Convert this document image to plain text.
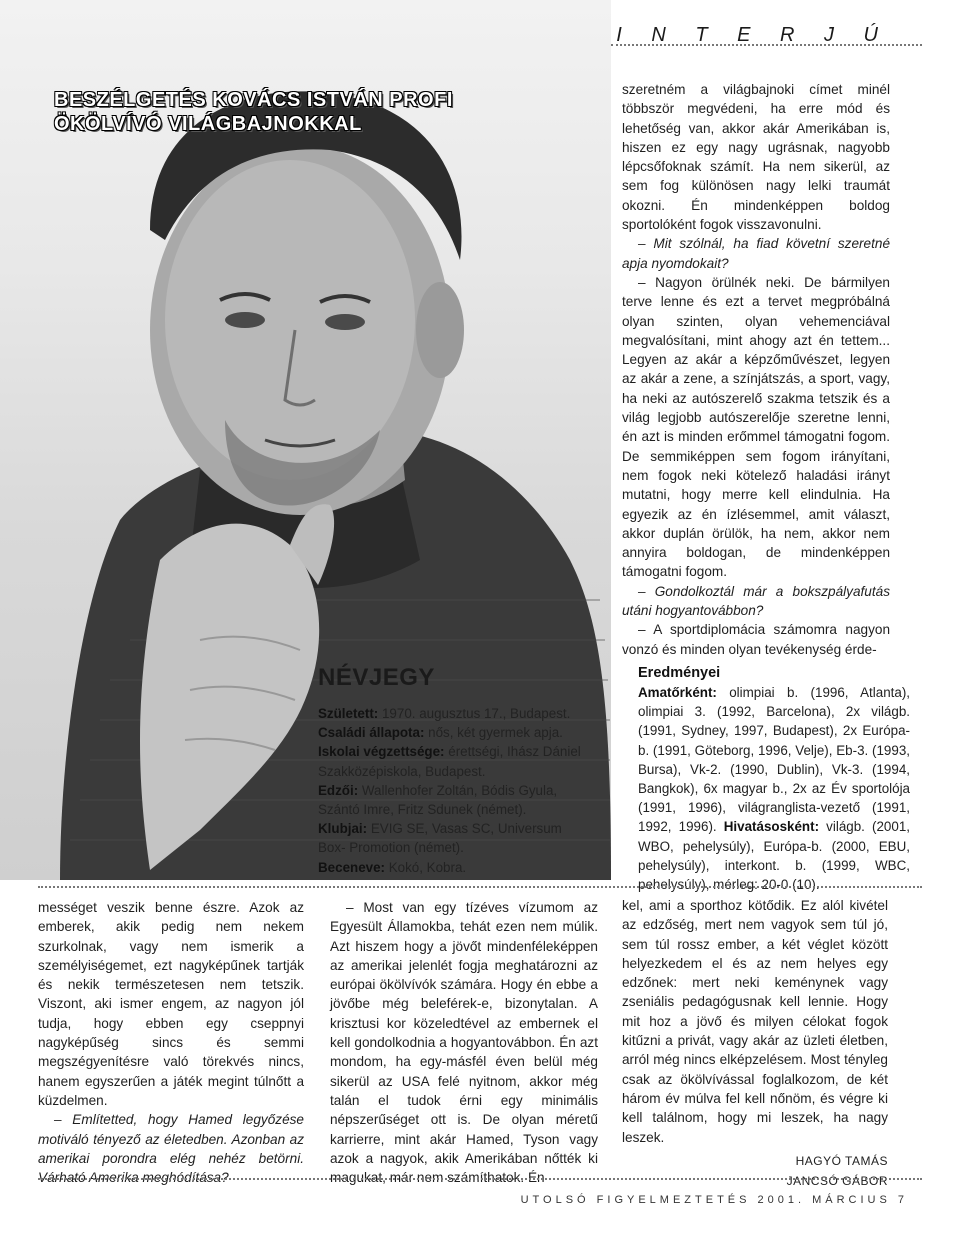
I N T E R J Ú
BESZÉLGETÉS KOVÁCS ISTVÁN PROFI ÖKÖLVÍVÓ VILÁGBAJNOKKAL

szeretném a világbajnoki címet minél többször megvédeni, ha erre mód és lehetőség van, akkor akár Amerikában is, hiszen ez egy nagy ugrásnak, nagyobb lépcsőfoknak számít. Ha nem sikerül, az sem fog különösen nagy lelki traumát okozni. Én mindenképpen boldog sportolóként fogok visszavonulni.

– Mit szólnál, ha fiad követní szeretné apja nyomdokait?

– Nagyon örülnék neki. De bármilyen terve lenne és ezt a tervet megpróbálná olyan szinten, olyan vehemenciával megvalósítani, mint ahogy azt én tettem... Legyen az akár a képzőművészet, legyen az akár a zene, a színjátszás, a sport, vagy, ha neki az autószerelő szakma tetszik és a világ legjobb autószerelője szeretne lenni, én azt is minden erőmmel támogatni fogom. De semmiképpen sem fogom irányítani, nem fogok neki kötelező haladási irányt mutatni, hogy merre kell elindulnia. Ha egyezik az én ízlésemmel, amit választ, akkor duplán örülök, ha nem, akkor nem annyira boldogan, de mindenképpen támogatni fogom.

– Gondolkoztál már a bokszpályafutás utáni hogyantovábbon?

– A sportdiplomácia számomra nagyon vonzó és minden olyan tevékenység érde-

NÉVJEGY
Született: 1970. augusztus 17., Budapest.
Családi állapota: nős, két gyermek apja.
Iskolai végzettsége: érettségi, Ihász Dániel Szakközépiskola, Budapest.
Edzői: Wallenhofer Zoltán, Bódis Gyula, Szántó Imre, Fritz Sdunek (német).
Klubjai: EVIG SE, Vasas SC, Universum Box- Promotion (német).
Beceneve: Kokó, Kobra.
Eredményei
Amatőrként: olimpiai b. (1996, Atlanta), olimpiai 3. (1992, Barcelona), 2x világb. (1991, Sydney, 1997, Budapest), 2x Európa-b. (1991, Göteborg, 1996, Velje), Eb-3. (1993, Bursa), Vk-2. (1990, Dublin), Vk-3. (1994, Bangkok), 6x magyar b., 2x az Év sportolója (1991, 1996), világranglista-vezető (1991, 1992, 1996). Hivatásosként: világb. (2001, WBO, pehelysúly), Európa-b. (2000, EBU, pehelysúly), interkont. b. (1999, WBC, pehelysúly), mérleg: 20-0 (10).

mességet veszik benne észre. Azok az emberek, akik pedig nem nekem szurkolnak, vagy nem ismerik a személyiségemet, ezt nagyképűnek tartják és nekik természetesen nem tetszik. Viszont, aki ismer engem, az nagyon jól tudja, hogy ebben egy cseppnyi nagyképűség sincs és semmi megszégyenítésre való törekvés nincs, hanem egyszerűen a játék megint túlnőtt a küzdelmen.

– Említetted, hogy Hamed legyőzése motiváló tényező az életedben. Azonban az amerikai porondra elég nehéz betörni. Várható Amerika meghódítása?

– Most van egy tízéves vízumom az Egyesült Államokba, tehát ezen nem múlik. Azt hiszem hogy a jövőt mindenféleképpen az amerikai jelenlét fogja meghatározni az európai ökölvívók számára. Hogy én ebbe a jövőbe még beleférek-e, bizonytalan. A krisztusi kor közeledtével az embernek el kell gondolkodnia a hogyantovábbon. Én azt mondom, ha egy-másfél éven belül még sikerül az USA felé nyitnom, akkor még talán el tudok érni egy minimális népszerűséget ott is. De olyan méretű karrierre, mint akár Hamed, Tyson vagy azok a nagyok, akik Amerikában nőtték ki magukat, már nem számíthatok. Én

kel, ami a sporthoz kötődik. Ez alól kivétel az edzőség, mert nem vagyok sem túl jó, sem túl rossz ember, a két véglet között helyezkedem el és az nem helyes egy edzőnek: mert neki keménynek vagy zseniális pedagógusnak kell lennie. Hogy mit hoz a jövő és milyen célokat fogok kitűzni a privát, vagy akár az üzleti életben, arról még nincs elképzelésem. Most tényleg csak az ökölvívással foglalkozom, de két három év múlva fel kell nőnöm, és végre ki kell találnom, hogy mi leszek, ha nagy leszek.

HAGYÓ TAMÁS
JANCSÓ GÁBOR
UTOLSÓ FIGYELMEZTETÉS 2001. MÁRCIUS 7
